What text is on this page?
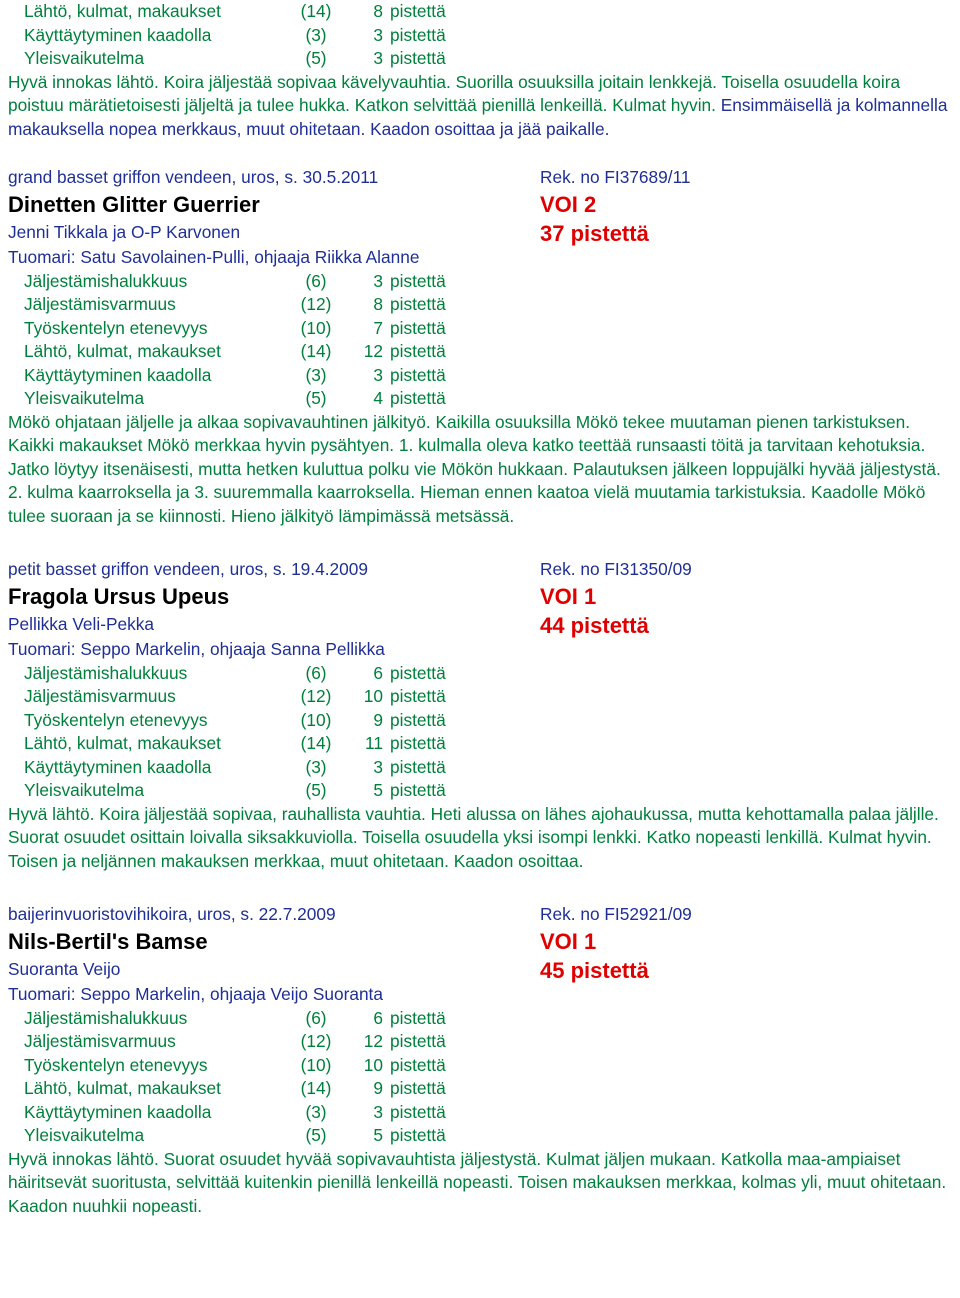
Lähtö, kulmat, makaukset	(14)	8 pistettä
Käyttäytyminen kaadolla	(3)	3 pistettä
Yleisvaikutelma	(5)	3 pistettä
Hyvä innokas lähtö. Koira jäljestää sopivaa kävelyvauhtia. Suorilla osuuksilla joitain lenkkejä. Toisella osuudella koira poistuu märätietoisesti jäljeltä ja tulee hukka. Katkon selvittää pienillä lenkeillä. Kulmat hyvin. Ensimmäisellä ja kolmannella makauksella nopea merkkaus, muut ohitetaan. Kaadon osoittaa ja jää paikalle.
grand basset griffon vendeen, uros, s. 30.5.2011	Rek. no FI37689/11
Dinetten Glitter Guerrier	VOI 2
Jenni Tikkala ja O-P Karvonen	37 pistettä
Tuomari: Satu Savolainen-Pulli, ohjaaja Riikka Alanne
Jäljestämishalukkuus	(6)	3 pistettä
Jäljestämisvarmuus	(12)	8 pistettä
Työskentelyn etenevyys	(10)	7 pistettä
Lähtö, kulmat, makaukset	(14)	12 pistettä
Käyttäytyminen kaadolla	(3)	3 pistettä
Yleisvaikutelma	(5)	4 pistettä
Mökö ohjataan jäljelle ja alkaa sopivavauhtinen jälkityö. Kaikilla osuuksilla Mökö tekee muutaman pienen tarkistuksen. Kaikki makaukset Mökö merkkaa hyvin pysähtyen. 1. kulmalla oleva katko teettää runsaasti töitä ja tarvitaan kehotuksia. Jatko löytyy itsenäisesti, mutta hetken kuluttua polku vie Mökön hukkaan. Palautuksen jälkeen loppujälki hyvää jäljestystä. 2. kulma kaarroksella ja 3. suuremmalla kaarroksella. Hieman ennen kaatoa vielä muutamia tarkistuksia. Kaadolle Mökö tulee suoraan ja se kiinnosti. Hieno jälkityö lämpimässä metsässä.
petit basset griffon vendeen, uros, s. 19.4.2009	Rek. no FI31350/09
Fragola Ursus Upeus	VOI 1
Pellikka Veli-Pekka	44 pistettä
Tuomari: Seppo Markelin, ohjaaja Sanna Pellikka
Jäljestämishalukkuus	(6)	6 pistettä
Jäljestämisvarmuus	(12)	10 pistettä
Työskentelyn etenevyys	(10)	9 pistettä
Lähtö, kulmat, makaukset	(14)	11 pistettä
Käyttäytyminen kaadolla	(3)	3 pistettä
Yleisvaikutelma	(5)	5 pistettä
Hyvä lähtö. Koira jäljestää sopivaa, rauhallista vauhtia. Heti alussa on lähes ajohaukussa, mutta kehottamalla palaa jäljlle. Suorat osuudet osittain loivalla siksakkuviolla. Toisella osuudella yksi isompi lenkki. Katko nopeasti lenkillä. Kulmat hyvin. Toisen ja neljännen makauksen merkkaa, muut ohitetaan. Kaadon osoittaa.
baijerinvuoristovihikoira, uros, s. 22.7.2009	Rek. no FI52921/09
Nils-Bertil's Bamse	VOI 1
Suoranta Veijo	45 pistettä
Tuomari: Seppo Markelin, ohjaaja Veijo Suoranta
Jäljestämishalukkuus	(6)	6 pistettä
Jäljestämisvarmuus	(12)	12 pistettä
Työskentelyn etenevyys	(10)	10 pistettä
Lähtö, kulmat, makaukset	(14)	9 pistettä
Käyttäytyminen kaadolla	(3)	3 pistettä
Yleisvaikutelma	(5)	5 pistettä
Hyvä innokas lähtö. Suorat osuudet hyvää sopivavauhtista jäljestystä. Kulmat jäljen mukaan. Katkolla maa-ampiaiset häiritsevät suoritusta, selvittää kuitenkin pienillä lenkeillä nopeasti. Toisen makauksen merkkaa, kolmas yli, muut ohitetaan. Kaadon nuuhkii nopeasti.
